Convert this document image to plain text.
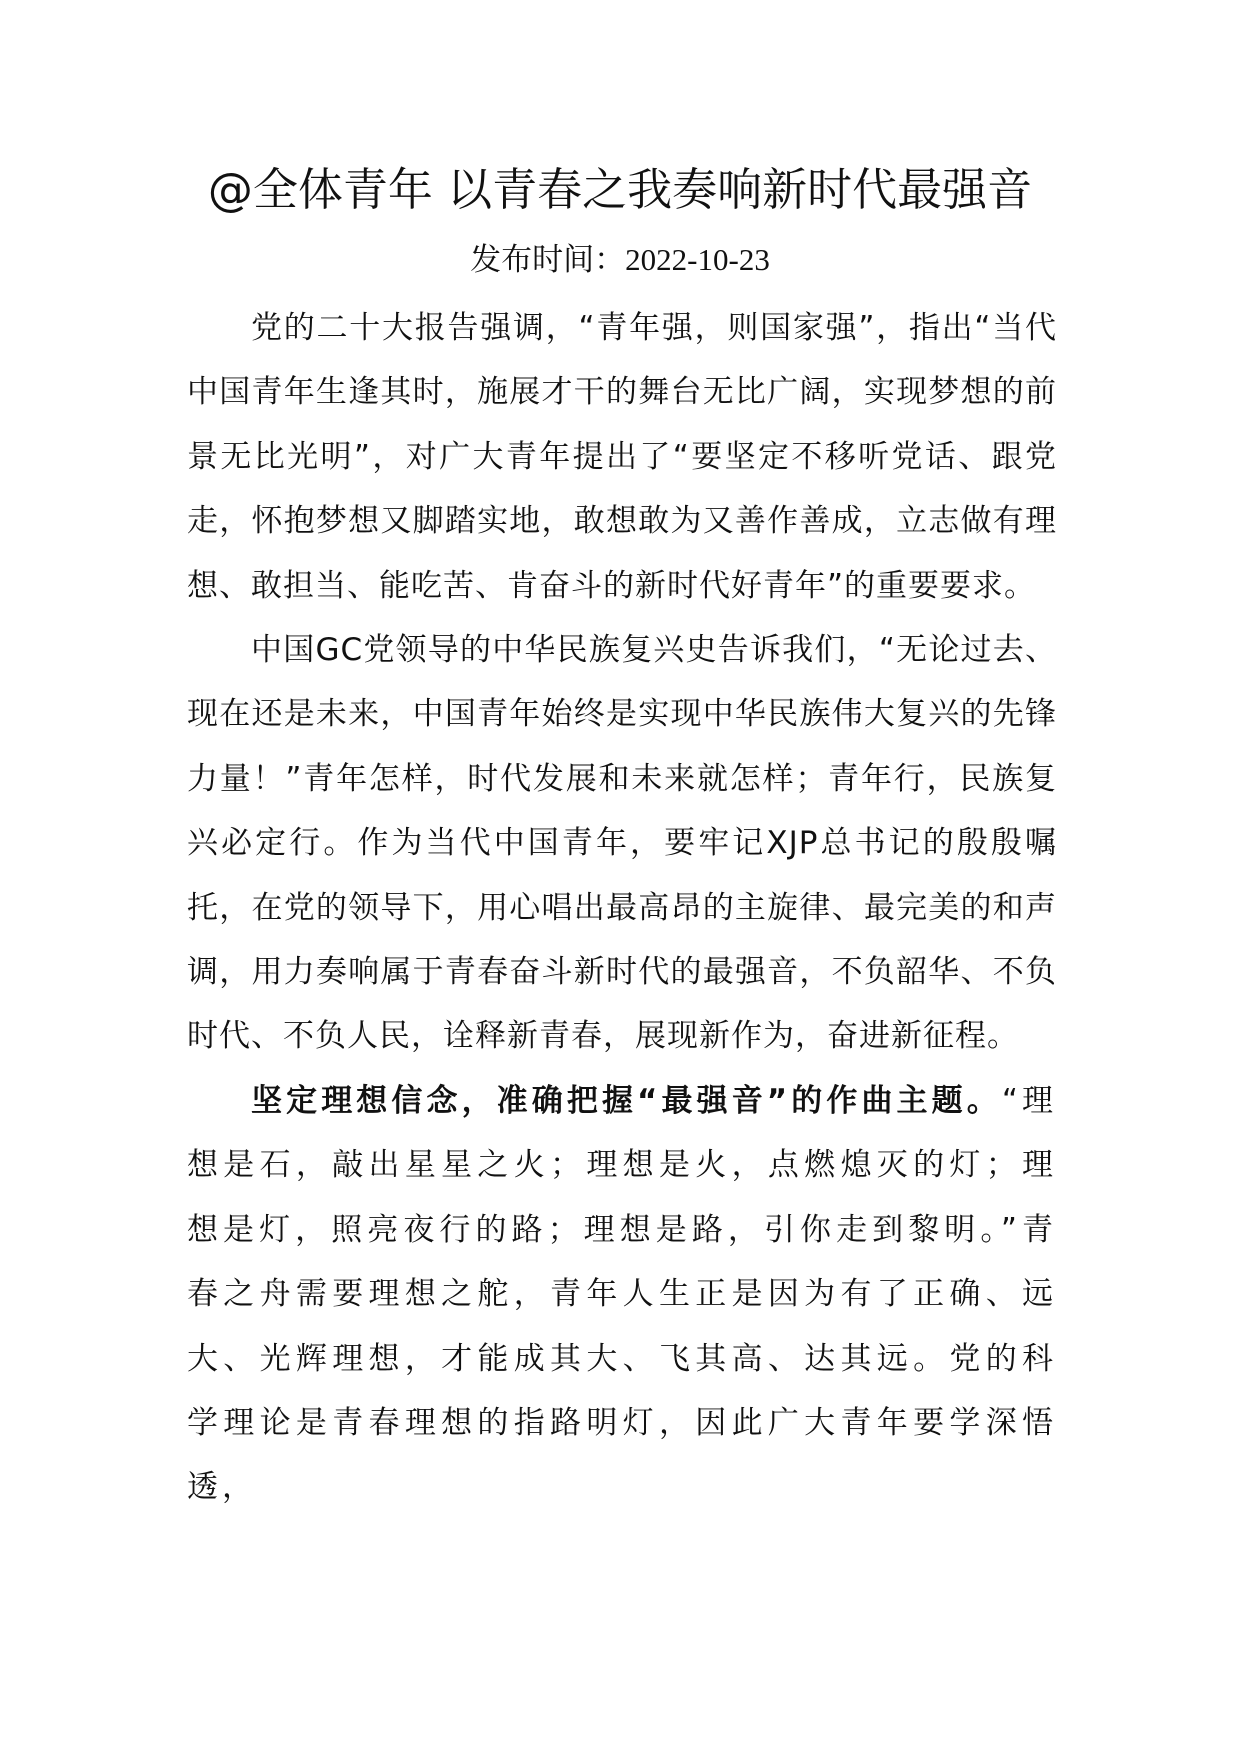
@全体青年 以青春之我奏响新时代最强音

发布时间：2022-10-23

党的二十大报告强调，“青年强，则国家强”，指出“当代中国青年生逢其时，施展才干的舞台无比广阔，实现梦想的前景无比光明”，对广大青年提出了“要坚定不移听党话、跟党走，怀抱梦想又脚踏实地，敢想敢为又善作善成，立志做有理想、敢担当、能吃苦、肯奋斗的新时代好青年”的重要要求。

中国GC党领导的中华民族复兴史告诉我们，“无论过去、现在还是未来，中国青年始终是实现中华民族伟大复兴的先锋力量！”青年怎样，时代发展和未来就怎样；青年行，民族复兴必定行。作为当代中国青年，要牢记XJP总书记的殷殷嘱托，在党的领导下，用心唱出最高昂的主旋律、最完美的和声调，用力奏响属于青春奋斗新时代的最强音，不负韶华、不负时代、不负人民，诠释新青春，展现新作为，奋进新征程。

坚定理想信念，准确把握“最强音”的作曲主题。“理想是石，敲出星星之火；理想是火，点燃熄灭的灯；理想是灯，照亮夜行的路；理想是路，引你走到黎明。”青春之舟需要理想之舵，青年人生正是因为有了正确、远大、光辉理想，才能成其大、飞其高、达其远。党的科学理论是青春理想的指路明灯，因此广大青年要学深悟透，
